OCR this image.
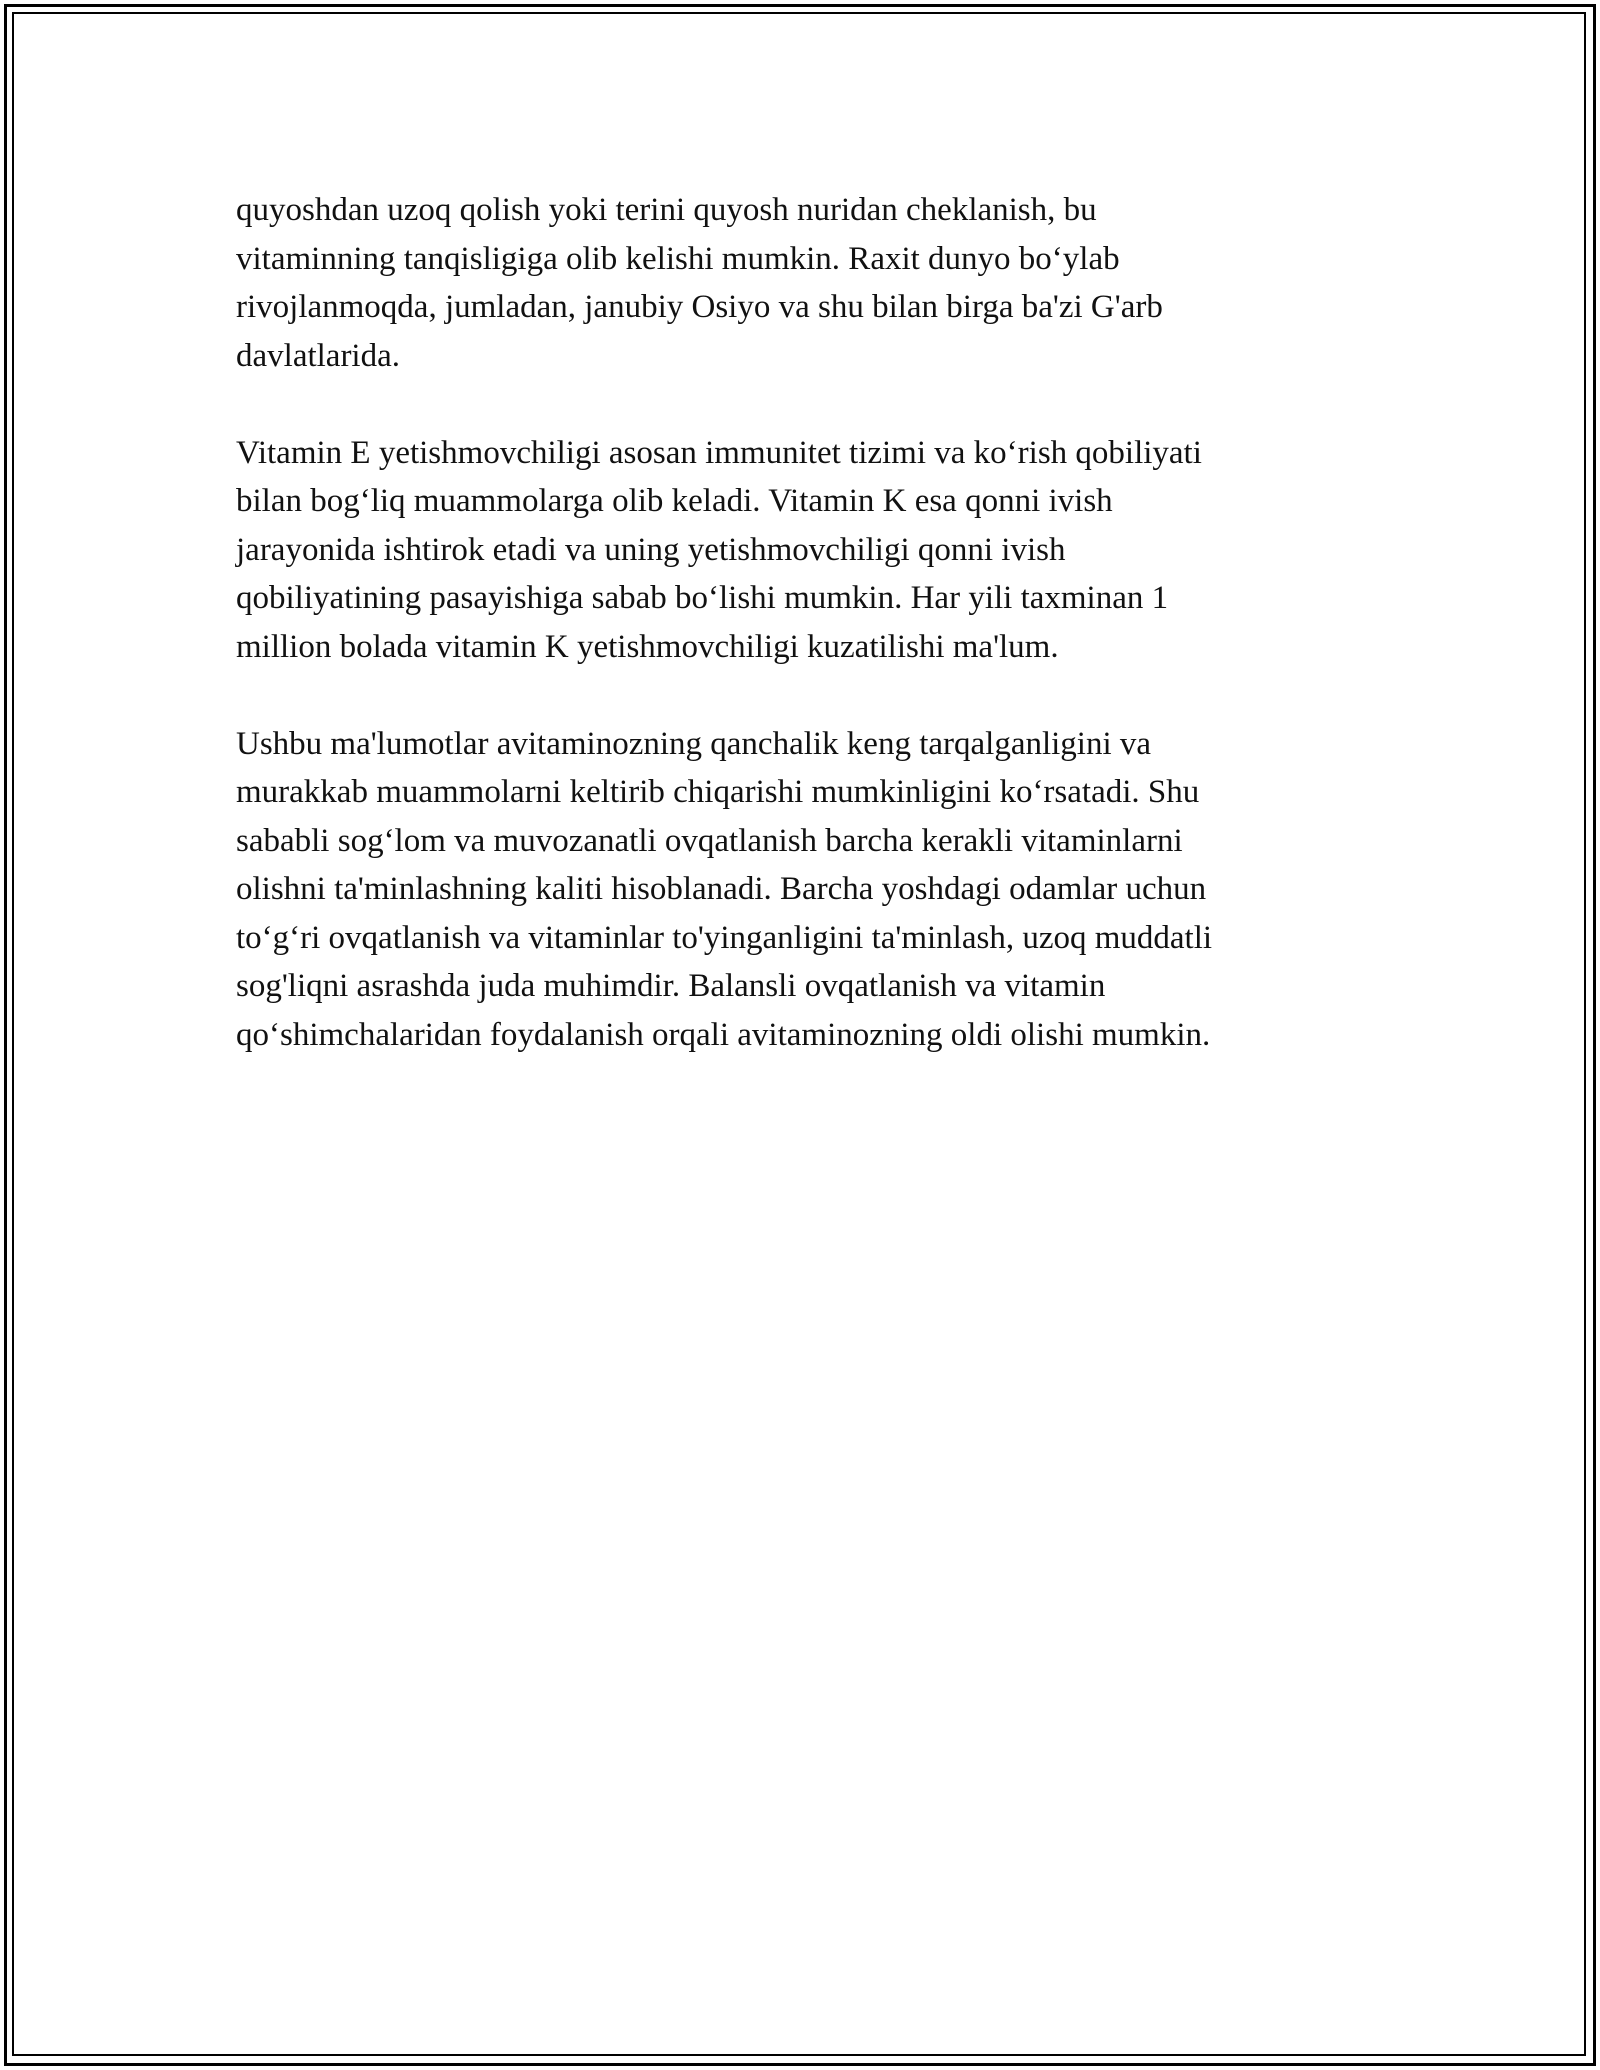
quyoshdan uzoq qolish yoki terini quyosh nuridan cheklanish, bu
vitaminning tanqisligiga olib kelishi mumkin. Raxit dunyo bo‘ylab
rivojlanmoqda, jumladan, janubiy Osiyo va shu bilan birga ba'zi G'arb
davlatlarida.

Vitamin E yetishmovchiligi asosan immunitet tizimi va ko‘rish qobiliyati
bilan bog‘liq muammolarga olib keladi. Vitamin K esa qonni ivish
jarayonida ishtirok etadi va uning yetishmovchiligi qonni ivish
qobiliyatining pasayishiga sabab bo‘lishi mumkin. Har yili taxminan 1
million bolada vitamin K yetishmovchiligi kuzatilishi ma'lum.

Ushbu ma'lumotlar avitaminozning qanchalik keng tarqalganligini va
murakkab muammolarni keltirib chiqarishi mumkinligini ko‘rsatadi. Shu
sababli sog‘lom va muvozanatli ovqatlanish barcha kerakli vitaminlarni
olishni ta'minlashning kaliti hisoblanadi. Barcha yoshdagi odamlar uchun
to‘g‘ri ovqatlanish va vitaminlar to'yinganligini ta'minlash, uzoq muddatli
sog'liqni asrashda juda muhimdir. Balansli ovqatlanish va vitamin
qo‘shimchalaridan foydalanish orqali avitaminozning oldi olishi mumkin.
